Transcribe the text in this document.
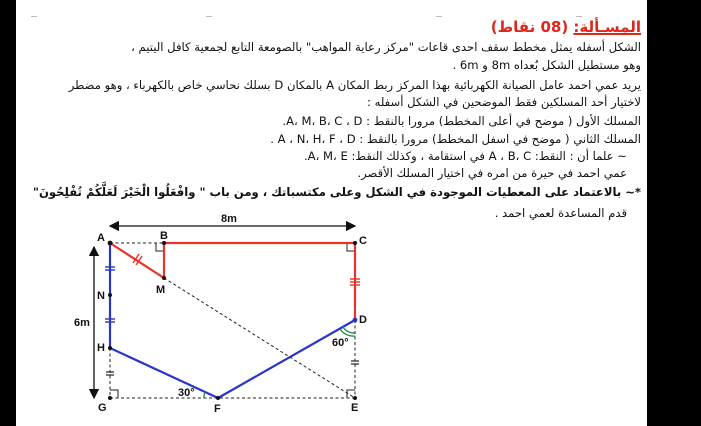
المسـألة: (08 نقاط)
الشكل أسفله يمثل مخطط سقف احدى قاعات "مركز رعاية المواهب" بالصومعة التابع لجمعية كافل اليتيم ،
وهو مستطيل الشكل بُعداه 8m و 6m .
يريد عمي احمد عامل الصيانة الكهربائية بهذا المركز ربط المكان A بالمكان D بسلك نحاسي خاص بالكهرباء ، وهو مضطر
لاختيار أحد المسلكين فقط الموضحين في الشكل أسفله :
المسلك الأول ( موضح في أعلى المخطط) مرورا بالنقط : A، M، B، C ، D.
المسلك الثاني ( موضح في اسفل المخطط) مرورا بالنقط : A ، N، H، F ، D .
~ علما أن : النقط: A ، B، C في استقامة ، وكذلك النقط: A، M، E.
عمي احمد في حيرة من امره في اختيار المسلك الأقصر.
*~ بالاعتماد على المعطيات الموجودة في الشكل وعلى مكتسباتك ، ومن باب " وافْعَلُوا الْخَيْرَ لَعَلَّكُمْ تُفْلِحُونَ"
قدم المساعدة لعمي احمد .
8m
6m
30°
60°
A	B	C
D
E
F
G
H
M
N
